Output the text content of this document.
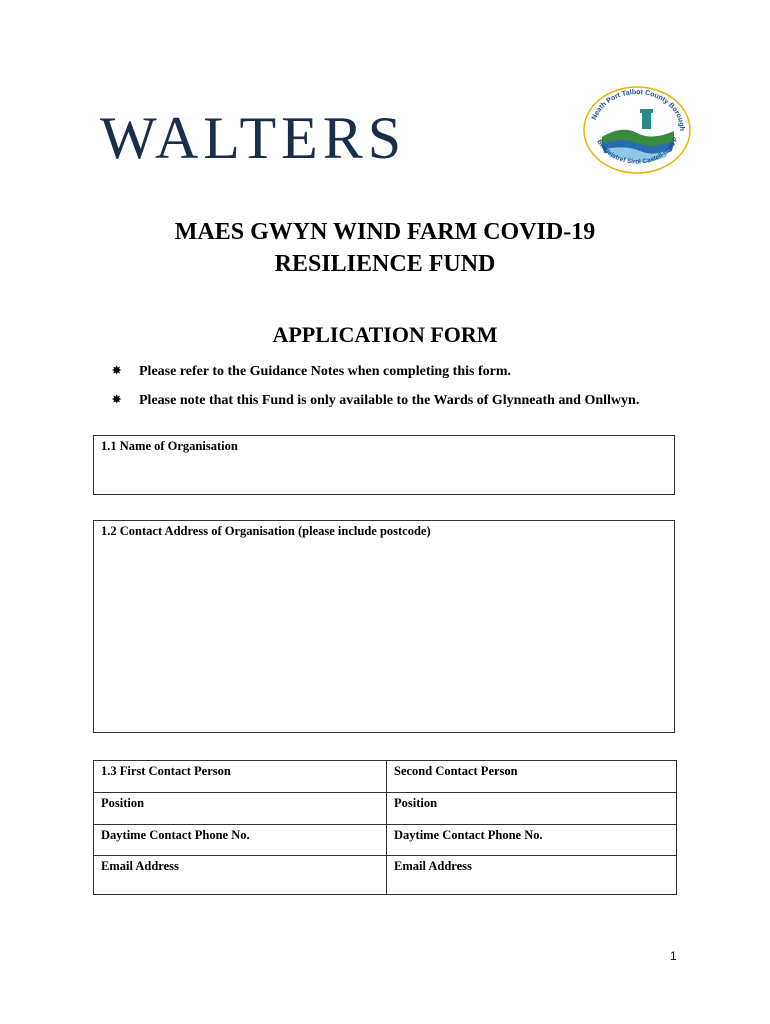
WALTERS	Neath Port Talbot County Borough
Bwrdeistref Sirol Castell-nedd P
MAES GWYN WIND FARM COVID-19
RESILIENCE FUND
APPLICATION FORM
✸	Please refer to the Guidance Notes when completing this form.
✸	Please note that this Fund is only available to the Wards of Glynneath and Onllwyn.
1.1 Name of Organisation
1.2 Contact Address of Organisation (please include postcode)
1.3 First Contact Person	Second Contact Person
Position	Position
Daytime Contact Phone No.	Daytime Contact Phone No.
Email Address	Email Address
1
